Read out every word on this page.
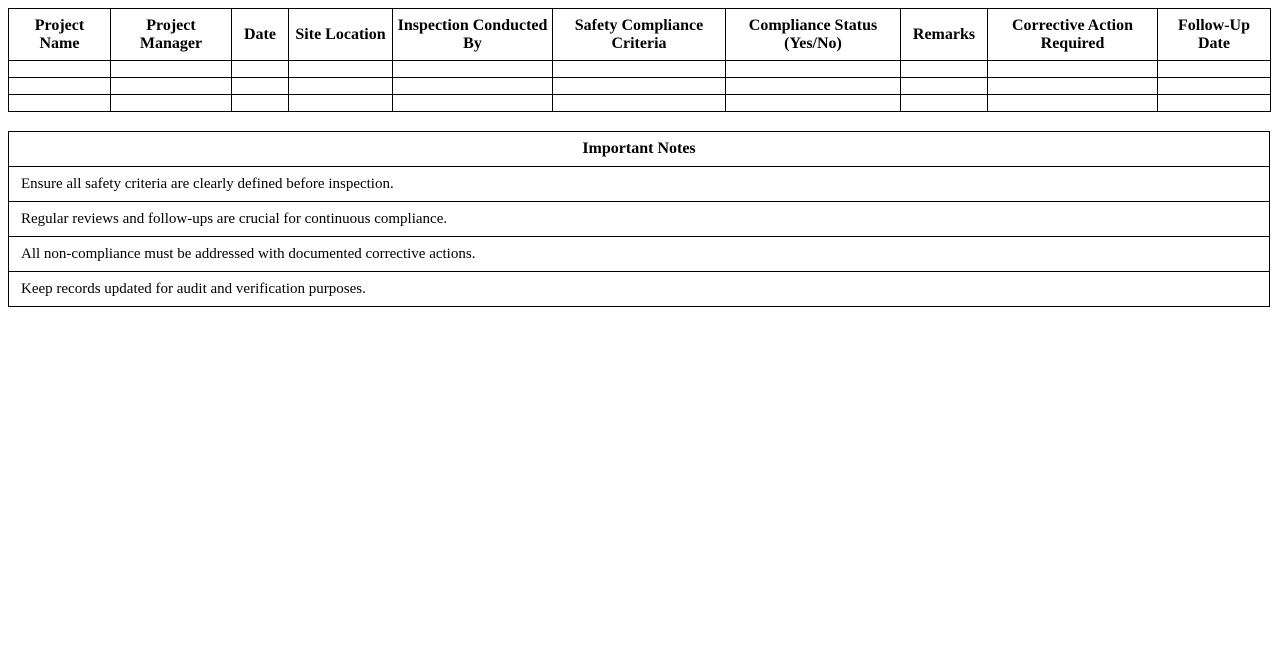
Project Name	Project Manager	Date	Site Location	Inspection Conducted By	Safety Compliance Criteria	Compliance Status (Yes/No)	Remarks	Corrective Action Required	Follow-Up Date

Important Notes
Ensure all safety criteria are clearly defined before inspection.
Regular reviews and follow-ups are crucial for continuous compliance.
All non-compliance must be addressed with documented corrective actions.
Keep records updated for audit and verification purposes.
